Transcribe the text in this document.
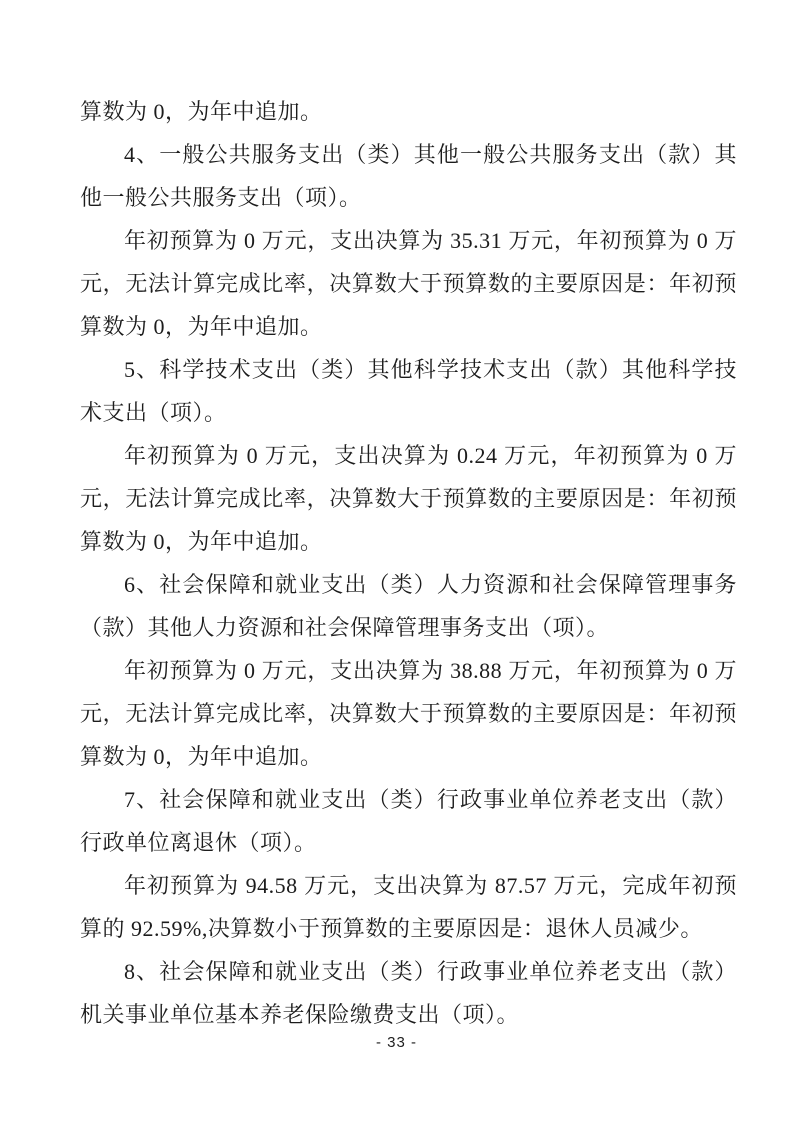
算数为 0，为年中追加。

4、一般公共服务支出（类）其他一般公共服务支出（款）其他一般公共服务支出（项）。

年初预算为 0 万元，支出决算为 35.31 万元，年初预算为 0 万元，无法计算完成比率，决算数大于预算数的主要原因是：年初预算数为 0，为年中追加。

5、科学技术支出（类）其他科学技术支出（款）其他科学技术支出（项）。

年初预算为 0 万元，支出决算为 0.24 万元，年初预算为 0 万元，无法计算完成比率，决算数大于预算数的主要原因是：年初预算数为 0，为年中追加。

6、社会保障和就业支出（类）人力资源和社会保障管理事务（款）其他人力资源和社会保障管理事务支出（项）。

年初预算为 0 万元，支出决算为 38.88 万元，年初预算为 0 万元，无法计算完成比率，决算数大于预算数的主要原因是：年初预算数为 0，为年中追加。

7、社会保障和就业支出（类）行政事业单位养老支出（款）行政单位离退休（项）。

年初预算为 94.58 万元，支出决算为 87.57 万元，完成年初预算的 92.59%,决算数小于预算数的主要原因是：退休人员减少。

8、社会保障和就业支出（类）行政事业单位养老支出（款）机关事业单位基本养老保险缴费支出（项）。

- 33 -
